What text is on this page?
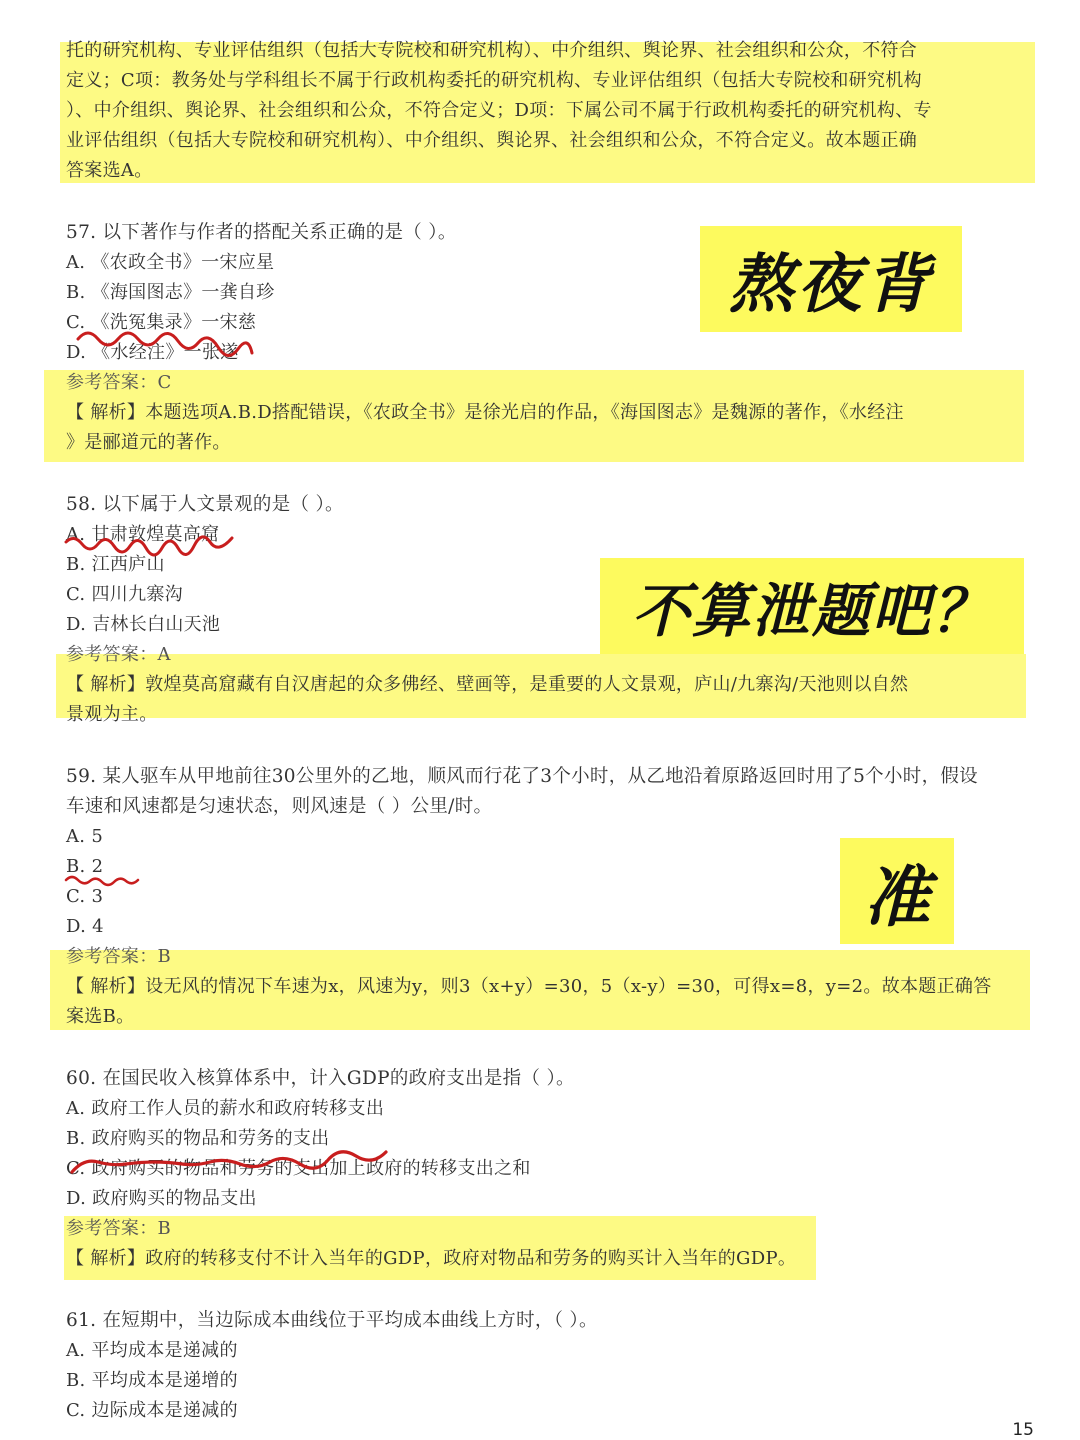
托的研究机构、专业评估组织（包括大专院校和研究机构）、中介组织、舆论界、社会组织和公众，不符合
定义；C项：教务处与学科组长不属于行政机构委托的研究机构、专业评估组织（包括大专院校和研究机构
）、中介组织、舆论界、社会组织和公众，不符合定义；D项：下属公司不属于行政机构委托的研究机构、专
业评估组织（包括大专院校和研究机构）、中介组织、舆论界、社会组织和公众，不符合定义。故本题正确
答案选A。
57. 以下著作与作者的搭配关系正确的是（ ）。
A. 《农政全书》一宋应星
B. 《海国图志》一龚自珍
C. 《洗冤集录》一宋慈
D. 《水经注》一张遂
参考答案：C
【 解析】本题选项A.B.D搭配错误，《农政全书》是徐光启的作品，《海国图志》是魏源的著作，《水经注
》是郦道元的著作。
58. 以下属于人文景观的是（ ）。
A. 甘肃敦煌莫高窟
B. 江西庐山
C. 四川九寨沟
D. 吉林长白山天池
参考答案：A
【 解析】敦煌莫高窟藏有自汉唐起的众多佛经、壁画等，是重要的人文景观，庐山/九寨沟/天池则以自然
景观为主。
59. 某人驱车从甲地前往30公里外的乙地，顺风而行花了3个小时，从乙地沿着原路返回时用了5个小时，假设
车速和风速都是匀速状态，则风速是（ ）公里/时。
A. 5
B. 2
C. 3
D. 4
参考答案：B
【 解析】设无风的情况下车速为x，风速为y，则3（x+y）=30，5（x-y）=30，可得x=8，y=2。故本题正确答
案选B。
60. 在国民收入核算体系中，计入GDP的政府支出是指（ ）。
A. 政府工作人员的薪水和政府转移支出
B. 政府购买的物品和劳务的支出
C. 政府购买的物品和劳务的支出加上政府的转移支出之和
D. 政府购买的物品支出
参考答案：B
【 解析】政府的转移支付不计入当年的GDP，政府对物品和劳务的购买计入当年的GDP。
61. 在短期中，当边际成本曲线位于平均成本曲线上方时，（ ）。
A. 平均成本是递减的
B. 平均成本是递增的
C. 边际成本是递减的
熬夜背
不算泄题吧？
准
15
